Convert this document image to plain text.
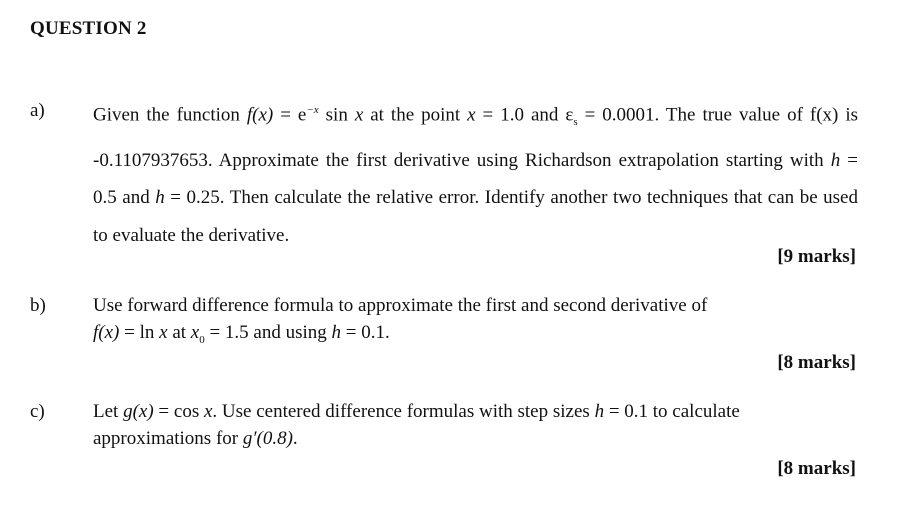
QUESTION 2
a)	Given the function $f(x) = e^{-x}$ sin x at the point x = 1.0 and $\varepsilon_s = 0.0001$. The true value of f(x) is -0.1107937653. Approximate the first derivative using Richardson extrapolation starting with h = 0.5 and h = 0.25. Then calculate the relative error. Identify another two techniques that can be used to evaluate the derivative.
[9 marks]
b) Use forward difference formula to approximate the first and second derivative of
f(x) = ln x at $x_0 = 1.5$ and using h = 0.1.
[8 marks]
c)	Let g(x) = cos x. Use centered difference formulas with step sizes h = 0.1 to calculate approximations for g′(0.8).
[8 marks]
